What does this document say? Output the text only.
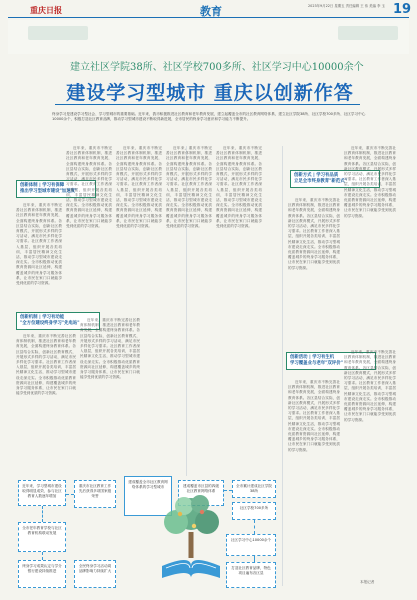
重庆日报	教育	2023年9月22日 星期五 责任编辑 王 伟 美编 李 玉 19
建立社区学院38所、社区学校700多所、社区学习中心10000余个
建设学习型城市 重庆以创新作答
终身学习是建设学习型社会、学习型城市的重要基础。近年来，我市积极推进社区教育和老年教育发展，建立起覆盖全市的社区教育网络体系，建立社区学院38所、社区学校700多所、社区学习中心10000余个，积极打造社区教育品牌，推动学习型城市建设不断取得新进展，全市居民的终身学习意识和学习能力不断提升。
创新体制 | 学习有保障
推出学习型城市建设"加速度"
创新方式 | 学习有品质
立足全市终身教育"新范式"
创新机制 | 学习有动能
"全方位建设终身学习"先电站"
创新活动 | 学习有生机
学习覆盖业与老年"双评价"
近年来，重庆市不断完善社区教育体制机制，推进社区教育和老年教育发展，全面构建终身教育体系。各区县结合实际，创新社区教育模式，开展形式多样的学习活动，满足市民多样化学习需求。社区教育工作者深入基层，组织开展各类培训，丰富居民精神文化生活，推动学习型城市建设走深走实。全市积极推动优质教育资源向社区延伸，构建覆盖城乡的终身学习服务体系，让市民在家门口就能享受到优质的学习资源。
近年来，重庆市不断完善社区教育体制机制，推进社区教育和老年教育发展，全面构建终身教育体系。各区县结合实际，创新社区教育模式，开展形式多样的学习活动，满足市民多样化学习需求。社区教育工作者深入基层，组织开展各类培训，丰富居民精神文化生活，推动学习型城市建设走深走实。全市积极推动优质教育资源向社区延伸，构建覆盖城乡的终身学习服务体系，让市民在家门口就能享受到优质的学习资源。
近年来，重庆市不断完善社区教育体制机制，推进社区教育和老年教育发展，全面构建终身教育体系。各区县结合实际，创新社区教育模式，开展形式多样的学习活动，满足市民多样化学习需求。社区教育工作者深入基层，组织开展各类培训，丰富居民精神文化生活，推动学习型城市建设走深走实。全市积极推动优质教育资源向社区延伸，构建覆盖城乡的终身学习服务体系，让市民在家门口就能享受到优质的学习资源。
近年来，重庆市不断完善社区教育体制机制，推进社区教育和老年教育发展，全面构建终身教育体系。各区县结合实际，创新社区教育模式，开展形式多样的学习活动，满足市民多样化学习需求。社区教育工作者深入基层，组织开展各类培训，丰富居民精神文化生活，推动学习型城市建设走深走实。全市积极推动优质教育资源向社区延伸，构建覆盖城乡的终身学习服务体系，让市民在家门口就能享受到优质的学习资源。
近年来，重庆市不断完善社区教育体制机制，推进社区教育和老年教育发展，全面构建终身教育体系。各区县结合实际，创新社区教育模式，开展形式多样的学习活动，满足市民多样化学习需求。社区教育工作者深入基层，组织开展各类培训，丰富居民精神文化生活，推动学习型城市建设走深走实。全市积极推动优质教育资源向社区延伸，构建覆盖城乡的终身学习服务体系，让市民在家门口就能享受到优质的学习资源。
近年来，重庆市不断完善社区教育体制机制，推进社区教育和老年教育发展，全面构建终身教育体系。各区县结合实际，创新社区教育模式，开展形式多样的学习活动，满足市民多样化学习需求。社区教育工作者深入基层，组织开展各类培训，丰富居民精神文化生活，推动学习型城市建设走深走实。全市积极推动优质教育资源向社区延伸，构建覆盖城乡的终身学习服务体系，让市民在家门口就能享受到优质的学习资源。
近年来，重庆市不断完善社区教育体制机制，推进社区教育和老年教育发展，全面构建终身教育体系。各区县结合实际，创新社区教育模式，开展形式多样的学习活动，满足市民多样化学习需求。社区教育工作者深入基层，组织开展各类培训，丰富居民精神文化生活，推动学习型城市建设走深走实。全市积极推动优质教育资源向社区延伸，构建覆盖城乡的终身学习服务体系，让市民在家门口就能享受到优质的学习资源。
近年来，重庆市不断完善社区教育体制机制，推进社区教育和老年教育发展，全面构建终身教育体系。各区县结合实际，创新社区教育模式，开展形式多样的学习活动，满足市民多样化学习需求。社区教育工作者深入基层，组织开展各类培训，丰富居民精神文化生活，推动学习型城市建设走深走实。全市积极推动优质教育资源向社区延伸，构建覆盖城乡的终身学习服务体系，让市民在家门口就能享受到优质的学习资源。
近年来，重庆市不断完善社区教育体制机制，推进社区教育和老年教育发展，全面构建终身教育体系。各区县结合实际，创新社区教育模式，开展形式多样的学习活动，满足市民多样化学习需求。社区教育工作者深入基层，组织开展各类培训，丰富居民精神文化生活，推动学习型城市建设走深走实。全市积极推动优质教育资源向社区延伸，构建覆盖城乡的终身学习服务体系，让市民在家门口就能享受到优质的学习资源。
近年来，重庆市不断完善社区教育体制机制，推进社区教育和老年教育发展，全面构建终身教育体系。各区县结合实际，创新社区教育模式，开展形式多样的学习活动，满足市民多样化学习需求。社区教育工作者深入基层，组织开展各类培训，丰富居民精神文化生活，推动学习型城市建设走深走实。全市积极推动优质教育资源向社区延伸，构建覆盖城乡的终身学习服务体系，让市民在家门口就能享受到优质的学习资源。
近年来，重庆市不断完善社区教育体制机制，推进社区教育和老年教育发展，全面构建终身教育体系。各区县结合实际，创新社区教育模式，开展形式多样的学习活动，满足市民多样化学习需求。社区教育工作者深入基层，组织开展各类培训，丰富居民精神文化生活，推动学习型城市建设走深走实。全市积极推动优质教育资源向社区延伸，构建覆盖城乡的终身学习服务体系，让市民在家门口就能享受到优质的学习资源。
本报记者
近年来，学习型城市建设取得明显成效，参与社区教育人数逐年增加
全市老年教育学校与社区教育机构联动发展
终身学习成果认定与学分银行建设持续推进
重庆市社区教育工作先后获得多项国家级荣誉
建成覆盖全市社区教育网络体系的学习型城市	建成覆盖市区县的四级社区教育网络体系
全市累计建成社区学院38所
社区学校700多所
社区学习中心10000余个
打造社区教育品牌，特色项目遍布各区县
全民终身学习活动周品牌影响力持续扩大
